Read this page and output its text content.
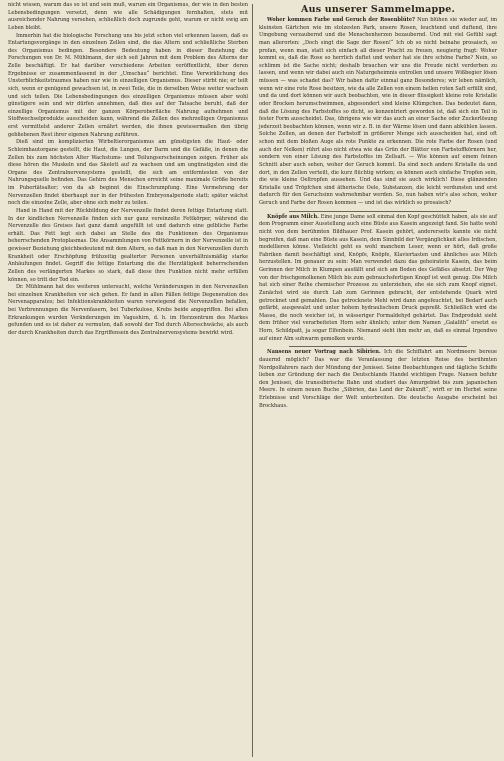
nicht wissen, warum das so ist und sein muß, warum ein Organismus, der wie in den besten Lebensbedingungen versetzt, denn wie alle Schädigungen fernhalten, stets mit ausreichender Nahrung versehen, schließlich doch zugrunde geht, warum er nicht ewig am Leben bleibt.

Immerhin hat die biologische Forschung uns bis jetzt schon viel erkennen lassen, daß es Entartungsvorgänge in den einzelnen Zellen sind, die das Altern und schließliche Sterben des Organismus bedingen. Besondere Bedeutung haben in dieser Beziehung die Forschungen von Dr. M. Mühlmann, der sich seit Jahren mit dem Problem des Alterns der Zelle beschäftigt. Er hat darüber verschiedene Arbeiten veröffentlicht, über deren Ergebnisse er zusammenfassend in der „Umschau“ berichtet. Eine Verwirklichung des Unsterblichkeitstraumes haben nur wie in einzelligen Organismus. Dieser stirbt nie; er teilt sich, wenn er genügend gewachsen ist, in zwei Teile, die in derselben Weise weiter wachsen und sich teilen. Die Lebensbedingungen des einzelligen Organismus müssen aber wohl günstigere sein und wir dürfen annehmen, daß dies auf der Tatsache beruht, daß der einzellige Organismus mit der ganzen Körperoberfläche Nahrung aufnehmen und Stoffwechselprodukte ausscheiden kann, während die Zellen des mehrzelligen Organismus erst vermittelst anderer Zellen ernährt werden, die ihnen gewissermaßen den übrig gebliebenen Rest ihrer eigenen Nahrung zuführen.

Dieß sind im komplizierten Wirbeltierorganismus am günstigsten die Haut- oder Schleimhautorgane gestellt, die Haut, die Lungen, der Darm und die Gefäße, in denen die Zellen bis zum höchsten Alter Wachstums- und Teilungserscheinungen zeigen. Früher als diese hören die Muskeln und das Skelett auf zu wachsen und am ungünstigsten sind die Organe des Zentralnervensystems gestellt, die sich am entferntesten von der Nahrungsquelle befinden. Das Gehirn des Menschen erreicht seine maximale Größe bereits im Pubertätsalter; von da ab beginnt die Einschrumpfung. Eine Vermehrung der Nervenzellen findet überhaupt nur in der frühesten Embryonalperiode statt; später wächst noch die einzelne Zelle, aber ohne sich mehr zu teilen.

Hand in Hand mit der Rückbildung der Nervenzelle findet deren fettige Entartung statt. In der kindlichen Nervenzelle finden sich nur ganz vereinzelte Fettkörper, während die Nervenzelle des Greises fast ganz damit angefüllt ist und dadurch eine gelbliche Farbe erhält. Das Fett legt sich dabei an Stelle des die Funktionen des Organismus beherrschenden Protoplasmas. Die Ansammlungen von Fettkörnern in der Nervenzelle ist in gewisser Beziehung gleichbedeutend mit dem Altern, so daß man in den Nervenzellen durch Krankheit oder Erschöpfung frühzeitig gealterter Personen unverhältnismäßig starke Anhäufungen findet. Gegriff die fettige Entartung die die Herztätigkeit beherrschenden Zellen des verlängerten Markes so stark, daß diese ihre Funktion nicht mehr erfüllen können, so tritt der Tod ein.

Dr. Mühlmann hat des weiteren untersucht, welche Veränderungen in den Nervenzellen bei einzelnen Krankheiten vor sich gehen. Er fand in allen Fällen fettige Degeneration des Nervenapparates; bei Infektionskrankheiten waren vorwiegend die Nervenzellen befallen, bei Verbrennungen die Nervenfasern, bei Tuberkulose, Krebs beide angegriffen. Bei allen Erkrankungen wurden Veränderungen im Vagushirn, d. h. im Herzzentrum des Markes gefunden und es ist daher zu vermuten, daß sowohl der Tod durch Altersschwäche, als auch der durch Krankheiten durch das Ergriffensein des Zentralnervensystems bewirkt wird.

Aus unserer Sammelmappe.

Woher kommen Farbe und Geruch der Rosenblüte? Nun blühen sie wieder auf, im kleinsten Gärtchen wie im stolzesten Park, unsere Rosen, leuchtend und duftend, ihre Umgebung verzaubernd und die Menschenherzen bezaubernd. Und mit viel Gefühl sagt man allerorten: „Doch singt die Sage der Rosen!“ Ich ob so nicht beinahe prosaisch, so profan, wenn man, statt sich einfach all dieser Pracht zu freuen, neugierig fragt: Woher kommt es, daß die Rose so herrlich duftet und woher hat sie ihre schöne Farbe? Nein, so schlimm ist die Sache nicht; deshalb brauchen wir uns die Freude nicht verderben zu lassen, und wenn wir dabei auch ein Naturgeheimnis entrollen und unsere Wißbegier lösen müssen — was schadet das? Wir haben dafür einmal ganz Besonderes; wir leben nämlich, wenn wir eine rote Rose besitzen, wie da alle Zellen von einem hellen roten Saft erfüllt sind, und da und dort können wir auch beobachten, wie in dieser flüssigkeit kleine rote Kristalle oder Brocken herumschwimmen, abgesondert sind kleine Klümpchen. Das bedeutet dann, daß die Lösung des Farbstoffes so dicht, so konzentriert geworden ist, daß sich ein Teil in fester Form ausscheidet. Das, übrigens wie wir das auch an einer Sache oder Zuckerlösung jederzeit beobachten können, wenn wir z. B. in der Wärme lösen und dann abkühlen lassen. Solche Zellen, an denen der Farbstoff in größerer Menge sich ausscheiden hat, sind oft schon mit dem bloßen Auge als rote Punkte zu erkennen. Die rote Farbe der Rosen (und auch der Nelken) rührt also nicht etwa wie das Grün der Blätter von Farbstoffkörnern her, sondern von einer Lösung des Farbstoffes im Zellsaft. — Wie können auf einem feinen Schnitt aber auch sehen, woher der Geruch kommt. Da sind noch andere Kristalle da und dort, in den Zellen verteilt, die kurz flüchtig wirken; es können auch einfache Tropfen sein, die wie kleine Oeltropfen aussehen. Und das sind sie auch wirklich! Diese glänzenden Kristalle und Tröpfchen sind ätherische Oele, Substanzen, die leicht verdunsten und erst dadurch für den Geruchsinn wahrnehmbar werden. So, nun haben wir's also schon, woher Geruch und Farbe der Rosen kommen — und ist das wirklich so prosaisch?

Knöpfe aus Milch. Eine junge Dame soll einmal den Kopf geschüttelt haben, als sie auf dem Programm einer Ausstellung auch eine Büste aus Kasein angezeigt fand. Sie hatte wohl nicht von dem berühmten Bildhauer Prof. Kasein gehört, andererseits kannte sie nicht begreifen, daß man eine Büste aus Kasein, dem Sinnbild der Vergänglichkeit alles Irdischen, modellieren könne. Vielleicht geht es wohl manchem Leser, wenn er hört, daß große Fabriken damit beschäftigt sind, Knöpfe, Knöpfe, Klaviertasten und ähnliches aus Milch herzustellen. Im genauer zu sein: Man verwendet dazu das geheiratete Kasein, das beim Gerinnen der Milch in Klumpen ausfällt und sich am Boden des Gefäßes absetzt. Der Weg von der frischgemolkenen Milch bis zum gebrauchsfertigen Knopf ist weit genug. Die Milch hat sich einer Reihe chemischer Prozesse zu unterziehen, ehe sie sich zum Knopf eignet. Zunächst wird sie durch Lab zum Gerinnen gebracht, der entstehende Quark wird getrocknet und gemahlen. Das getrocknete Mehl wird dann angefeuchtet, bei Bedarf auch gefärbt, ausgewalzt und unter hohem hydraulischem Druck gepreßt. Schließlich wird die Masse, die noch weicher ist, in wässeriger Formaldehyd gehärtet. Das Endprodukt sieht dem früher viel verarbeiteten Horn sehr ähnlich; unter dem Namen „Galalith“ ersetzt es Horn, Schildpatt, ja sogar Elfenbein. Niemand sieht ihm mehr an, daß es einmal Irgendwo auf einer Alm suhwarm gemolken wurde.

Nansens neuer Vortrag nach Sibirien. Ich die Schiffahrt am Nordmeere bereue dauernd möglich? Das war die Veranlassung der letzten Reise des berühmten Nordpolfahrers nach der Mündung der Jenissei. Seine Beobachtungen und tägliche Schiffe lieben zur Gründung der nach die Deutschlands Handel wichtigen Frage. Nansen befuhr den Jenissei, die transsibirische Bahn und studiert das Amurgebiet bis zum japanischen Meere. In einem neuen Buche „Sibirien, das Land der Zukunft“, wirft er im Herbst seine Erlebnisse und Vorschläge der Welt unterbreiten. Die deutsche Ausgabe erscheint bei Brockhaus.
